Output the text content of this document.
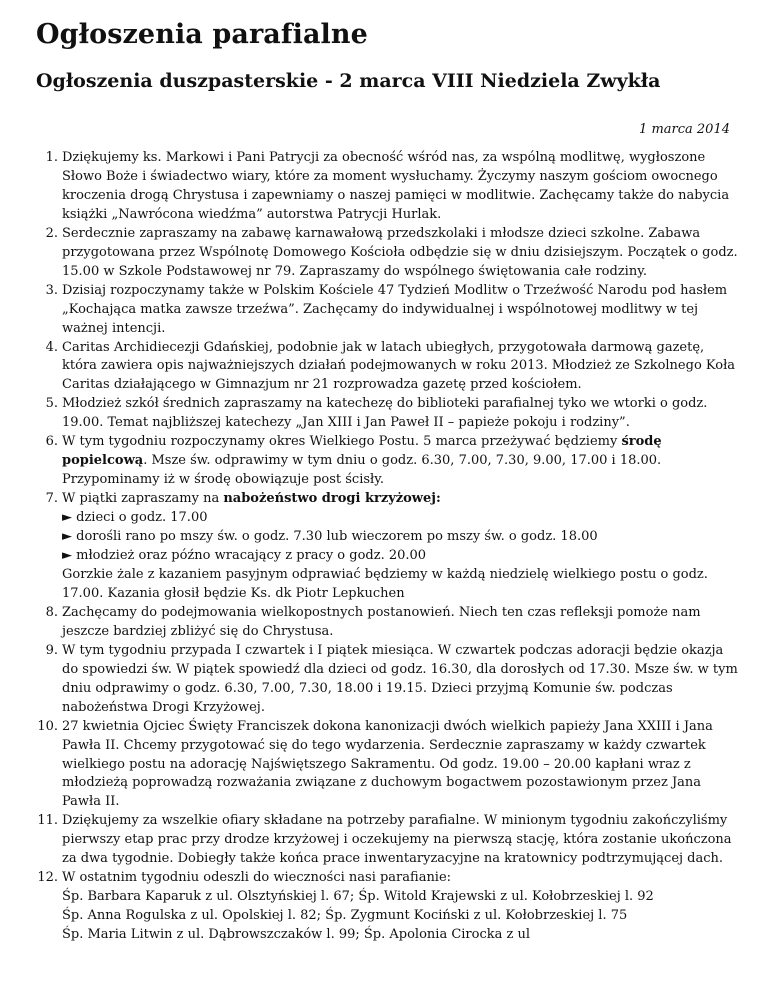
Ogłoszenia parafialne
Ogłoszenia duszpasterskie - 2 marca VIII Niedziela Zwykła

1 marca 2014

1. Dziękujemy ks. Markowi i Pani Patrycji za obecność wśród nas, za wspólną modlitwę, wygłoszone
Słowo Boże i świadectwo wiary, które za moment wysłuchamy. Życzymy naszym gościom owocnego
kroczenia drogą Chrystusa i zapewniamy o naszej pamięci w modlitwie. Zachęcamy także do nabycia
książki „Nawrócona wiedźma” autorstwa Patrycji Hurlak.
2. Serdecznie zapraszamy na zabawę karnawałową przedszkolaki i młodsze dzieci szkolne. Zabawa
przygotowana przez Wspólnotę Domowego Kościoła odbędzie się w dniu dzisiejszym. Początek o godz.
15.00 w Szkole Podstawowej nr 79. Zapraszamy do wspólnego świętowania całe rodziny.
3. Dzisiaj rozpoczynamy także w Polskim Kościele 47 Tydzień Modlitw o Trzeźwość Narodu pod hasłem
„Kochająca matka zawsze trzeźwa”. Zachęcamy do indywidualnej i wspólnotowej modlitwy w tej
ważnej intencji.
4. Caritas Archidiecezji Gdańskiej, podobnie jak w latach ubiegłych, przygotowała darmową gazetę,
która zawiera opis najważniejszych działań podejmowanych w roku 2013. Młodzież ze Szkolnego Koła
Caritas działającego w Gimnazjum nr 21 rozprowadza gazetę przed kościołem.
5. Młodzież szkół średnich zapraszamy na katechezę do biblioteki parafialnej tyko we wtorki o godz.
19.00. Temat najbliższej katechezy „Jan XIII i Jan Paweł II – papieże pokoju i rodziny”.
6. W tym tygodniu rozpoczynamy okres Wielkiego Postu. 5 marca przeżywać będziemy środę
popielcową. Msze św. odprawimy w tym dniu o godz. 6.30, 7.00, 7.30, 9.00, 17.00 i 18.00.
Przypominamy iż w środę obowiązuje post ścisły.
7. W piątki zapraszamy na nabożeństwo drogi krzyżowej:
► dzieci o godz. 17.00
► dorośli rano po mszy św. o godz. 7.30 lub wieczorem po mszy św. o godz. 18.00
► młodzież oraz późno wracający z pracy o godz. 20.00
Gorzkie żale z kazaniem pasyjnym odprawiać będziemy w każdą niedzielę wielkiego postu o godz.
17.00. Kazania głosił będzie Ks. dk Piotr Lepkuchen
8. Zachęcamy do podejmowania wielkopostnych postanowień. Niech ten czas refleksji pomoże nam
jeszcze bardziej zbliżyć się do Chrystusa.
9. W tym tygodniu przypada I czwartek i I piątek miesiąca. W czwartek podczas adoracji będzie okazja
do spowiedzi św. W piątek spowiedź dla dzieci od godz. 16.30, dla dorosłych od 17.30. Msze św. w tym
dniu odprawimy o godz. 6.30, 7.00, 7.30, 18.00 i 19.15. Dzieci przyjmą Komunie św. podczas
nabożeństwa Drogi Krzyżowej.
10. 27 kwietnia Ojciec Święty Franciszek dokona kanonizacji dwóch wielkich papieży Jana XXIII i Jana
Pawła II. Chcemy przygotować się do tego wydarzenia. Serdecznie zapraszamy w każdy czwartek
wielkiego postu na adorację Najświętszego Sakramentu. Od godz. 19.00 – 20.00 kapłani wraz z
młodzieżą poprowadzą rozważania związane z duchowym bogactwem pozostawionym przez Jana
Pawła II.
11. Dziękujemy za wszelkie ofiary składane na potrzeby parafialne. W minionym tygodniu zakończyliśmy
pierwszy etap prac przy drodze krzyżowej i oczekujemy na pierwszą stację, która zostanie ukończona
za dwa tygodnie. Dobiegły także końca prace inwentaryzacyjne na kratownicy podtrzymującej dach.
12. W ostatnim tygodniu odeszli do wieczności nasi parafianie:
Śp. Barbara Kaparuk z ul. Olsztyńskiej l. 67; Śp. Witold Krajewski z ul. Kołobrzeskiej l. 92
Śp. Anna Rogulska z ul. Opolskiej l. 82; Śp. Zygmunt Kociński z ul. Kołobrzeskiej l. 75
Śp. Maria Litwin z ul. Dąbrowszczaków l. 99; Śp. Apolonia Cirocka z ul
